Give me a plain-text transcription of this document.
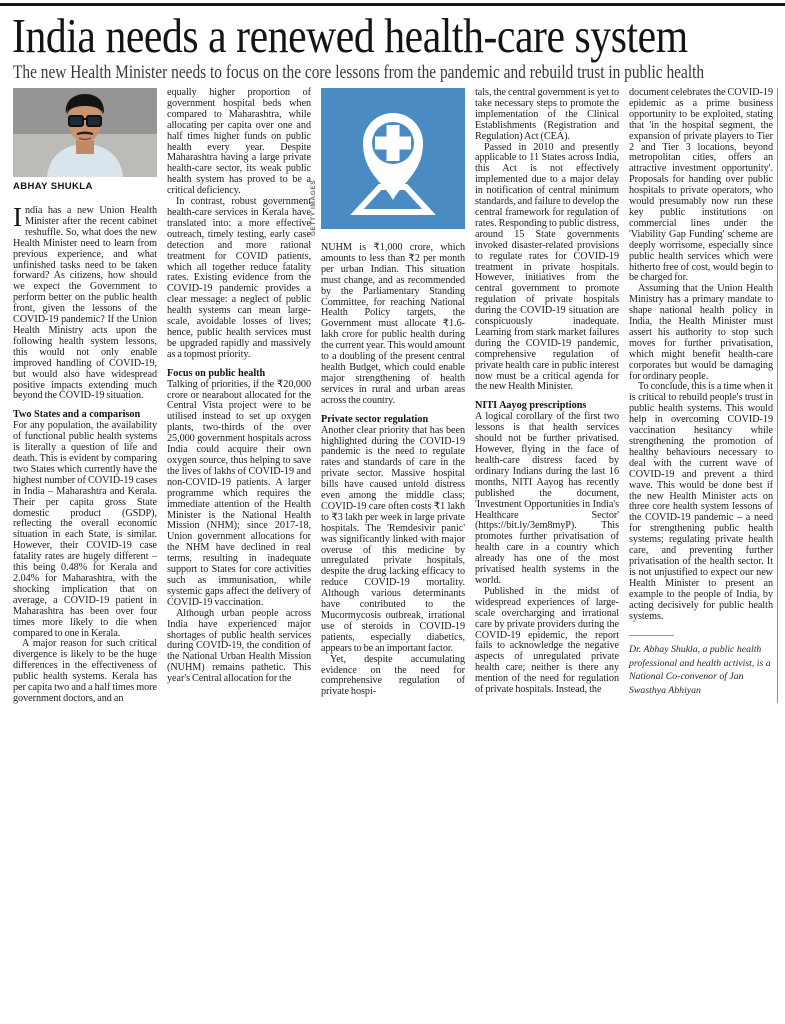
India needs a renewed health-care system

The new Health Minister needs to focus on the core lessons from the pandemic and rebuild trust in public health

ABHAY SHUKLA

India has a new Union Health Minister after the recent cabinet reshuffle. So, what does the new Health Minister need to learn from previous experience, and what unfinished tasks need to be taken forward? As citizens, how should we expect the Government to perform better on the public health front, given the lessons of the COVID-19 pandemic? If the Union Health Ministry acts upon the following health system lessons, this would not only enable improved handling of COVID-19, but would also have widespread positive impacts extending much beyond the COVID-19 situation.

Two States and a comparison

For any population, the availability of functional public health systems is literally a question of life and death. This is evident by comparing two States which currently have the highest number of COVID-19 cases in India – Maharashtra and Kerala. Their per capita gross State domestic product (GSDP), reflecting the overall economic situation in each State, is similar. However, their COVID-19 case fatality rates are hugely different – this being 0.48% for Kerala and 2.04% for Maharashtra, with the shocking implication that on average, a COVID-19 patient in Maharashtra has been over four times more likely to die when compared to one in Kerala.

A major reason for such critical divergence is likely to be the huge differences in the effectiveness of public health systems. Kerala has per capita two and a half times more government doctors, and an

equally higher proportion of government hospital beds when compared to Maharashtra, while allocating per capita over one and half times higher funds on public health every year. Despite Maharashtra having a large private health-care sector, its weak public health system has proved to be a critical deficiency.

In contrast, robust government health-care services in Kerala have translated into: a more effective outreach, timely testing, early case detection and more rational treatment for COVID patients, which all together reduce fatality rates. Existing evidence from the COVID-19 pandemic provides a clear message: a neglect of public health systems can mean large-scale, avoidable losses of lives; hence, public health services must be upgraded rapidly and massively as a topmost priority.

Focus on public health

Talking of priorities, if the ₹20,000 crore or nearabout allocated for the Central Vista project were to be utilised instead to set up oxygen plants, two-thirds of the over 25,000 government hospitals across India could acquire their own oxygen source, thus helping to save the lives of lakhs of COVID-19 and non-COVID-19 patients. A larger programme which requires the immediate attention of the Health Minister is the National Health Mission (NHM); since 2017-18, Union government allocations for the NHM have declined in real terms, resulting in inadequate support to States for core activities such as immunisation, while systemic gaps affect the delivery of COVID-19 vaccination.

Although urban people across India have experienced major shortages of public health services during COVID-19, the condition of the National Urban Health Mission (NUHM) remains pathetic. This year's Central allocation for the

GETTY IMAGES

NUHM is ₹1,000 crore, which amounts to less than ₹2 per month per urban Indian. This situation must change, and as recommended by the Parliamentary Standing Committee, for reaching National Health Policy targets, the Government must allocate ₹1.6-lakh crore for public health during the current year. This would amount to a doubling of the present central health Budget, which could enable major strengthening of health services in rural and urban areas across the country.

Private sector regulation

Another clear priority that has been highlighted during the COVID-19 pandemic is the need to regulate rates and standards of care in the private sector. Massive hospital bills have caused untold distress even among the middle class; COVID-19 care often costs ₹1 lakh to ₹3 lakh per week in large private hospitals. The 'Remdesivir panic' was significantly linked with major overuse of this medicine by unregulated private hospitals, despite the drug lacking efficacy to reduce COVID-19 mortality. Although various determinants have contributed to the Mucormycosis outbreak, irrational use of steroids in COVID-19 patients, especially diabetics, appears to be an important factor.

Yet, despite accumulating evidence on the need for comprehensive regulation of private hospi-

tals, the central government is yet to take necessary steps to promote the implementation of the Clinical Establishments (Registration and Regulation) Act (CEA).

Passed in 2010 and presently applicable to 11 States across India, this Act is not effectively implemented due to a major delay in notification of central minimum standards, and failure to develop the central framework for regulation of rates. Responding to public distress, around 15 State governments invoked disaster-related provisions to regulate rates for COVID-19 treatment in private hospitals. However, initiatives from the central government to promote regulation of private hospitals during the COVID-19 situation are conspicuously inadequate. Learning from stark market failures during the COVID-19 pandemic, comprehensive regulation of private health care in public interest now must be a critical agenda for the new Health Minister.

NITI Aayog prescriptions

A logical corollary of the first two lessons is that health services should not be further privatised. However, flying in the face of health-care distress faced by ordinary Indians during the last 16 months, NITI Aayog has recently published the document, 'Investment Opportunities in India's Healthcare Sector' (https://bit.ly/3em8myP). This promotes further privatisation of health care in a country which already has one of the most privatised health systems in the world.

Published in the midst of widespread experiences of large-scale overcharging and irrational care by private providers during the COVID-19 epidemic, the report fails to acknowledge the negative aspects of unregulated private health care; neither is there any mention of the need for regulation of private hospitals. Instead, the

document celebrates the COVID-19 epidemic as a prime business opportunity to be exploited, stating that 'in the hospital segment, the expansion of private players to Tier 2 and Tier 3 locations, beyond metropolitan cities, offers an attractive investment opportunity'. Proposals for handing over public hospitals to private operators, who would presumably now run these key public institutions on commercial lines under the 'Viability Gap Funding' scheme are deeply worrisome, especially since public health services which were hitherto free of cost, would begin to be charged for.

Assuming that the Union Health Ministry has a primary mandate to shape national health policy in India, the Health Minister must assert his authority to stop such moves for further privatisation, which might benefit health-care corporates but would be damaging for ordinary people.

To conclude, this is a time when it is critical to rebuild people's trust in public health systems. This would help in overcoming COVID-19 vaccination hesitancy while strengthening the promotion of healthy behaviours necessary to deal with the current wave of COVID-19 and prevent a third wave. This would be done best if the new Health Minister acts on three core health system lessons of the COVID-19 pandemic – a need for strengthening public health systems; regulating private health care, and preventing further privatisation of the health sector. It is not unjustified to expect our new Health Minister to present an example to the people of India, by acting decisively for public health systems.

Dr. Abhay Shukla, a public health professional and health activist, is a National Co-convenor of Jan Swasthya Abhiyan
